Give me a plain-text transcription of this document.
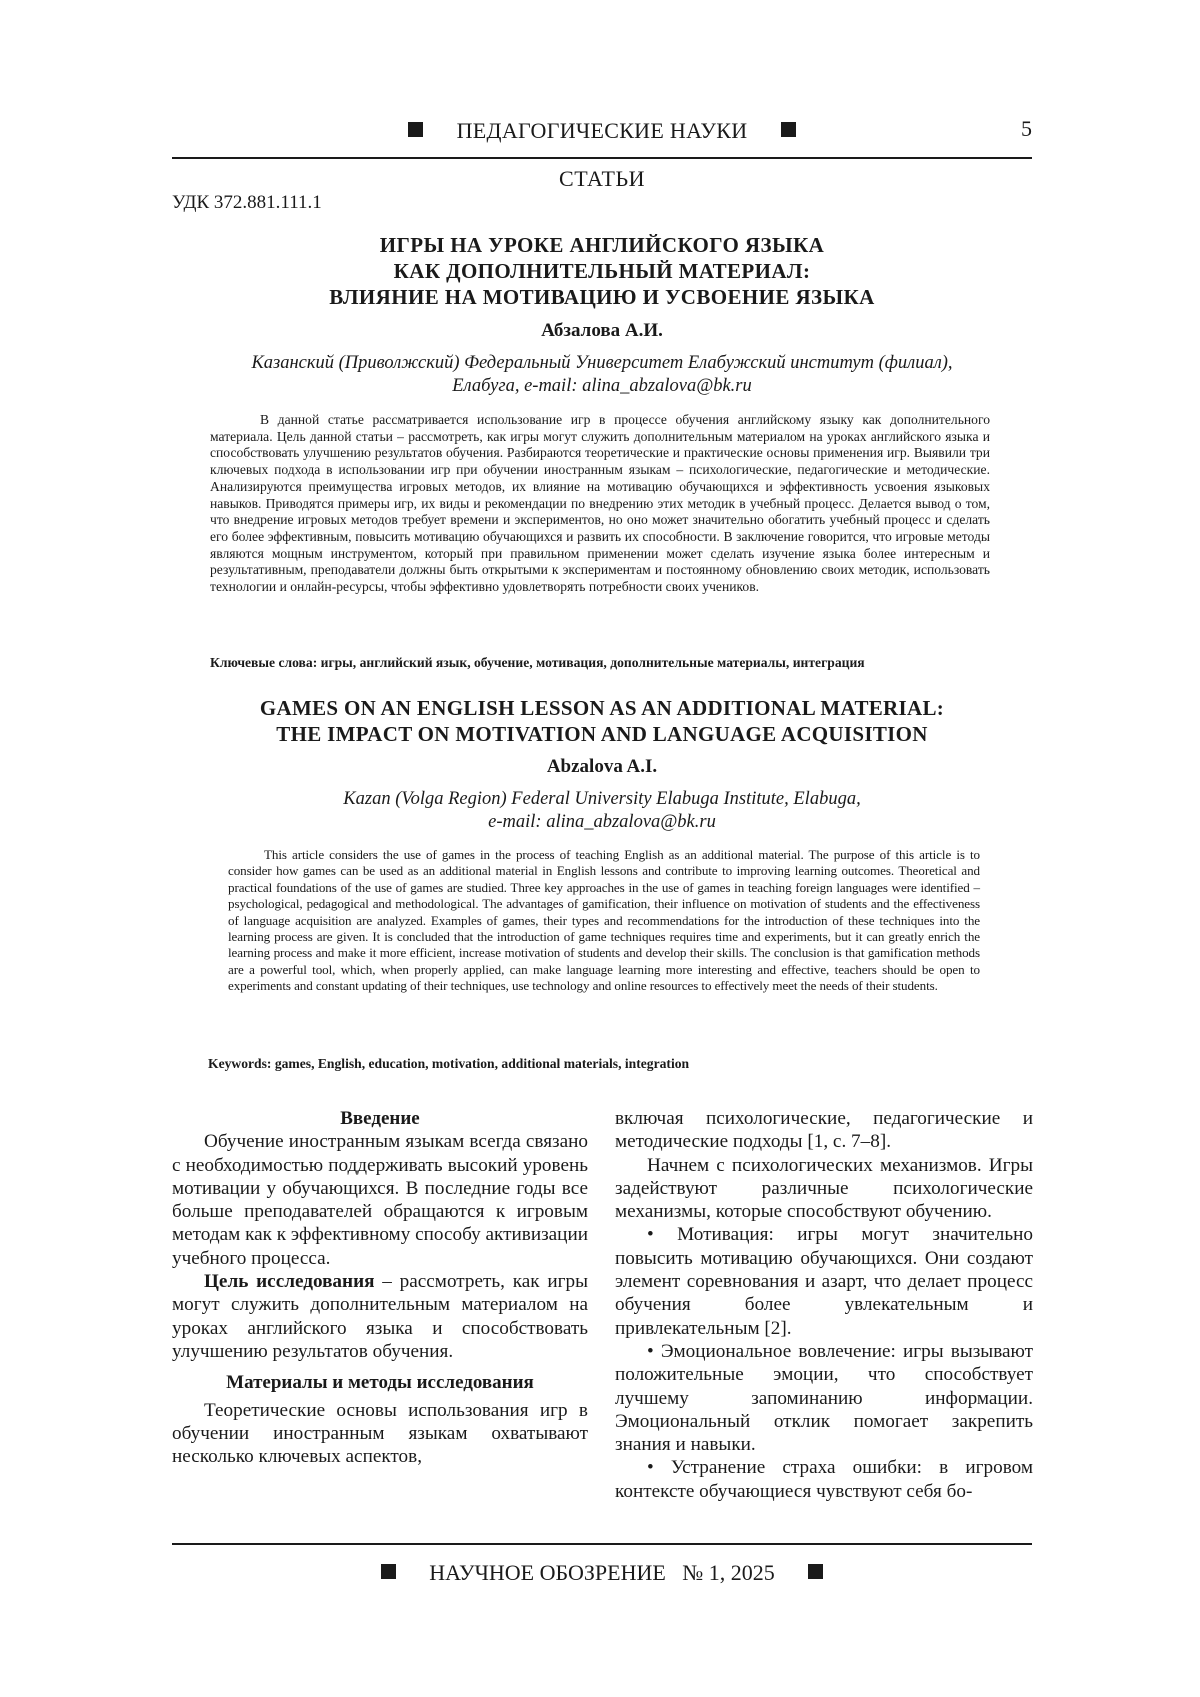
ПЕДАГОГИЧЕСКИЕ НАУКИ	5
СТАТЬИ
УДК 372.881.111.1
ИГРЫ НА УРОКЕ АНГЛИЙСКОГО ЯЗЫКА
КАК ДОПОЛНИТЕЛЬНЫЙ МАТЕРИАЛ:
ВЛИЯНИЕ НА МОТИВАЦИЮ И УСВОЕНИЕ ЯЗЫКА
Абзалова А.И.
Казанский (Приволжский) Федеральный Университет Елабужский институт (филиал),
Елабуга, e-mail: alina_abzalova@bk.ru
В данной статье рассматривается использование игр в процессе обучения английскому языку как дополнительного материала. Цель данной статьи – рассмотреть, как игры могут служить дополнительным материалом на уроках английского языка и способствовать улучшению результатов обучения. Разбираются теоретические и практические основы применения игр. Выявили три ключевых подхода в использовании игр при обучении иностранным языкам – психологические, педагогические и методические. Анализируются преимущества игровых методов, их влияние на мотивацию обучающихся и эффективность усвоения языковых навыков. Приводятся примеры игр, их виды и рекомендации по внедрению этих методик в учебный процесс. Делается вывод о том, что внедрение игровых методов требует времени и экспериментов, но оно может значительно обогатить учебный процесс и сделать его более эффективным, повысить мотивацию обучающихся и развить их способности. В заключение говорится, что игровые методы являются мощным инструментом, который при правильном применении может сделать изучение языка более интересным и результативным, преподаватели должны быть открытыми к экспериментам и постоянному обновлению своих методик, использовать технологии и онлайн-ресурсы, чтобы эффективно удовлетворять потребности своих учеников.
Ключевые слова: игры, английский язык, обучение, мотивация, дополнительные материалы, интеграция
GAMES ON AN ENGLISH LESSON AS AN ADDITIONAL MATERIAL:
THE IMPACT ON MOTIVATION AND LANGUAGE ACQUISITION
Abzalova A.I.
Kazan (Volga Region) Federal University Elabuga Institute, Elabuga,
e-mail: alina_abzalova@bk.ru
This article considers the use of games in the process of teaching English as an additional material. The purpose of this article is to consider how games can be used as an additional material in English lessons and contribute to improving learning outcomes. Theoretical and practical foundations of the use of games are studied. Three key approaches in the use of games in teaching foreign languages were identified – psychological, pedagogical and methodological. The advantages of gamification, their influence on motivation of students and the effectiveness of language acquisition are analyzed. Examples of games, their types and recommendations for the introduction of these techniques into the learning process are given. It is concluded that the introduction of game techniques requires time and experiments, but it can greatly enrich the learning process and make it more efficient, increase motivation of students and develop their skills. The conclusion is that gamification methods are a powerful tool, which, when properly applied, can make language learning more interesting and effective, teachers should be open to experiments and constant updating of their techniques, use technology and online resources to effectively meet the needs of their students.
Keywords: games, English, education, motivation, additional materials, integration
Введение

Обучение иностранным языкам всегда связано с необходимостью поддерживать высокий уровень мотивации у обучающихся. В последние годы все больше преподавателей обращаются к игровым методам как к эффективному способу активизации учебного процесса.

Цель исследования – рассмотреть, как игры могут служить дополнительным материалом на уроках английского языка и способствовать улучшению результатов обучения.

Материалы и методы исследования

Теоретические основы использования игр в обучении иностранным языкам охватывают несколько ключевых аспектов,

включая психологические, педагогические и методические подходы [1, с. 7–8].

Начнем с психологических механизмов. Игры задействуют различные психологические механизмы, которые способствуют обучению.

• Мотивация: игры могут значительно повысить мотивацию обучающихся. Они создают элемент соревнования и азарт, что делает процесс обучения более увлекательным и привлекательным [2].

• Эмоциональное вовлечение: игры вызывают положительные эмоции, что способствует лучшему запоминанию информации. Эмоциональный отклик помогает закрепить знания и навыки.

• Устранение страха ошибки: в игровом контексте обучающиеся чувствуют себя бо-

НАУЧНОЕ ОБОЗРЕНИЕ № 1, 2025
